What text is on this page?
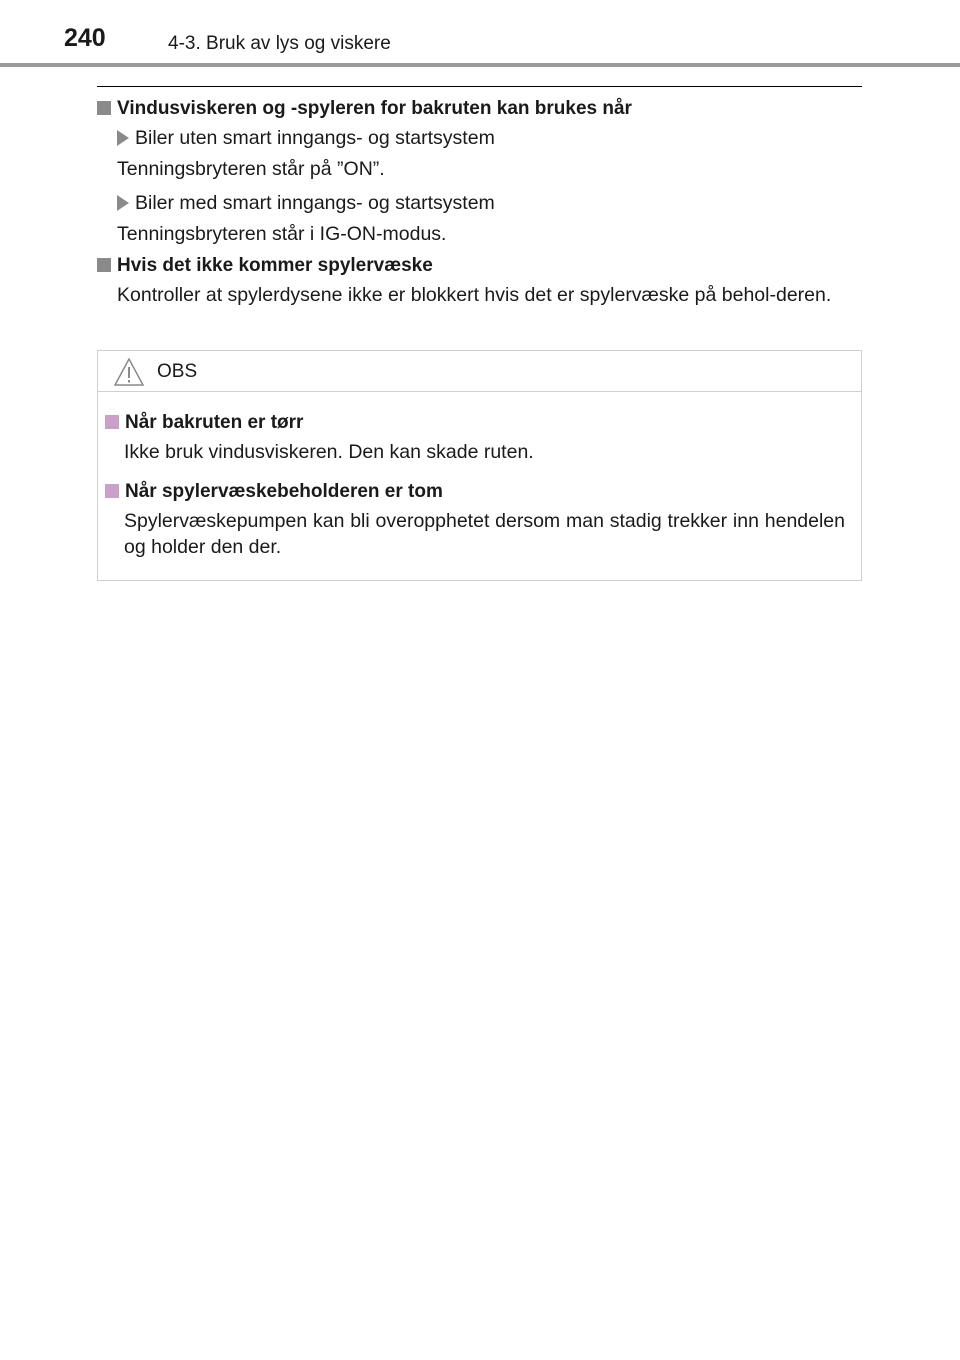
240	4-3. Bruk av lys og viskere
Vindusviskeren og -spyleren for bakruten kan brukes når
Biler uten smart inngangs- og startsystem
Tenningsbryteren står på ”ON”.
Biler med smart inngangs- og startsystem
Tenningsbryteren står i IG-ON-modus.
Hvis det ikke kommer spylervæske
Kontroller at spylerdysene ikke er blokkert hvis det er spylervæske på behol-deren.
OBS
Når bakruten er tørr
Ikke bruk vindusviskeren. Den kan skade ruten.
Når spylervæskebeholderen er tom
Spylervæskepumpen kan bli overopphetet dersom man stadig trekker inn hendelen og holder den der.
